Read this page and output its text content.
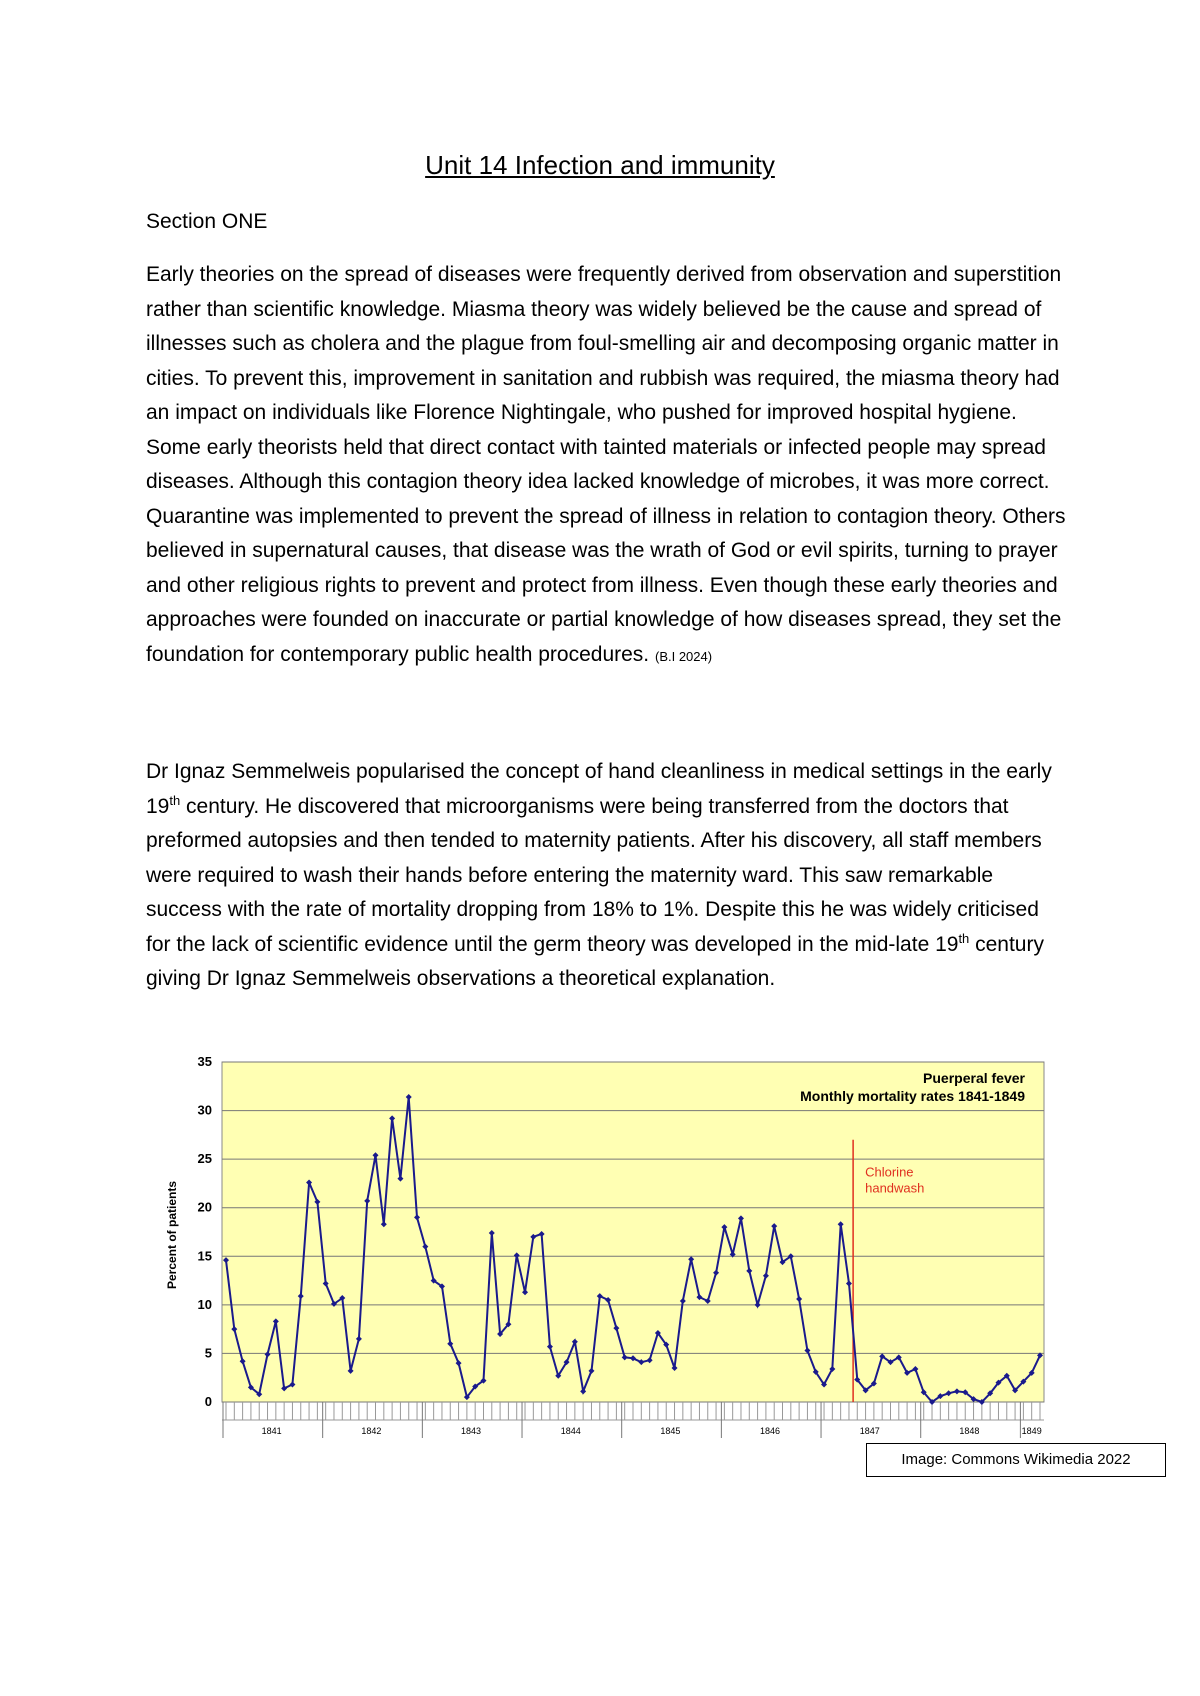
Unit 14 Infection and immunity
Section ONE

Early theories on the spread of diseases were frequently derived from observation and superstition rather than scientific knowledge. Miasma theory was widely believed be the cause and spread of illnesses such as cholera and the plague from foul-smelling air and decomposing organic matter in cities. To prevent this, improvement in sanitation and rubbish was required, the miasma theory had an impact on individuals like Florence Nightingale, who pushed for improved hospital hygiene. Some early theorists held that direct contact with tainted materials or infected people may spread diseases. Although this contagion theory idea lacked knowledge of microbes, it was more correct. Quarantine was implemented to prevent the spread of illness in relation to contagion theory. Others believed in supernatural causes, that disease was the wrath of God or evil spirits, turning to prayer and other religious rights to prevent and protect from illness. Even though these early theories and approaches were founded on inaccurate or partial knowledge of how diseases spread, they set the foundation for contemporary public health procedures. (B.I 2024)

Dr Ignaz Semmelweis popularised the concept of hand cleanliness in medical settings in the early 19th century. He discovered that microorganisms were being transferred from the doctors that preformed autopsies and then tended to maternity patients. After his discovery, all staff members were required to wash their hands before entering the maternity ward. This saw remarkable success with the rate of mortality dropping from 18% to 1%. Despite this he was widely criticised for the lack of scientific evidence until the germ theory was developed in the mid-late 19th century giving Dr Ignaz Semmelweis observations a theoretical explanation.

0
5
10
15
20
25
30
35
1841	1842	1843	1844	1845	1846	1847	1848	1849
Percent of patients
Puerperal fever
Monthly mortality rates 1841-1849
Chlorine
handwash
Image: Commons Wikimedia 2022
